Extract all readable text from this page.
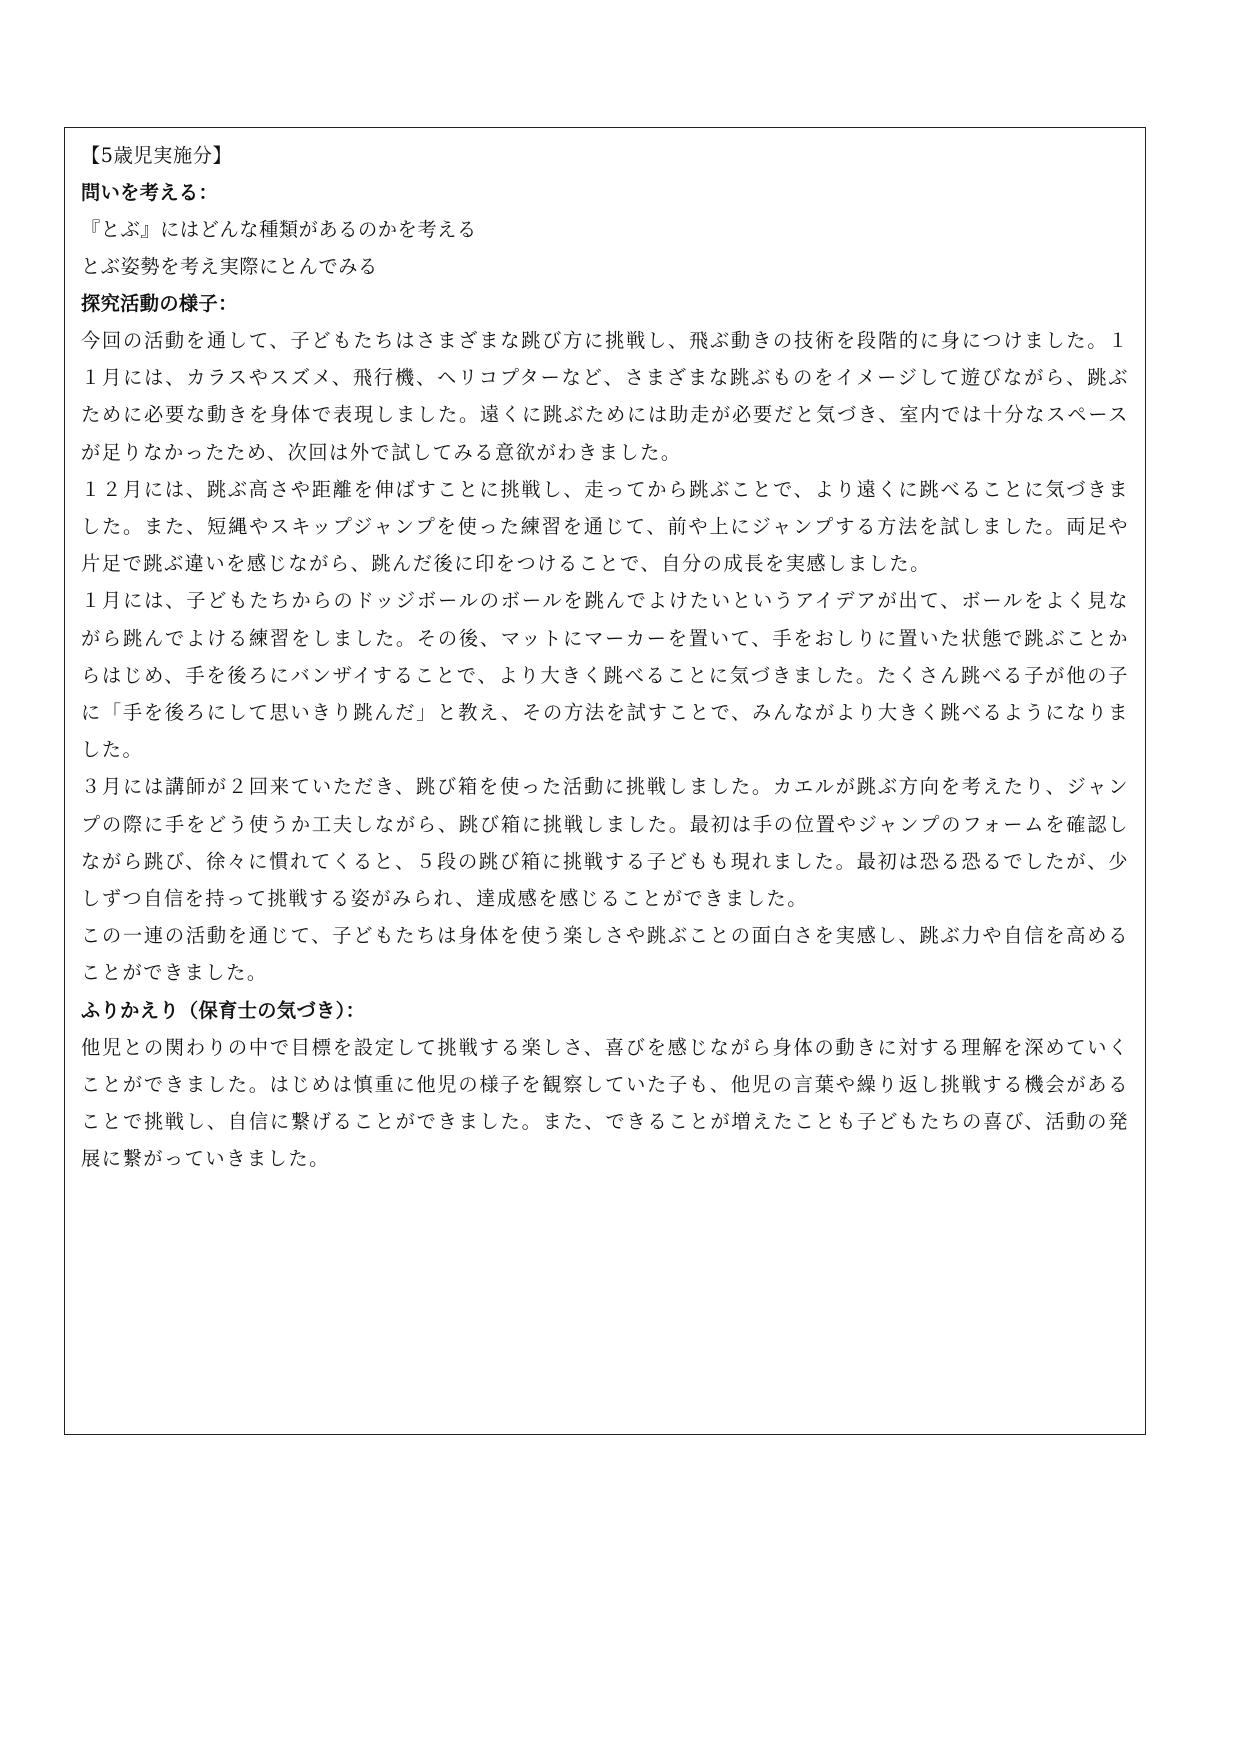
【5歳児実施分】

問いを考える：

『とぶ』にはどんな種類があるのかを考える

とぶ姿勢を考え実際にとんでみる

探究活動の様子：

今回の活動を通して、子どもたちはさまざまな跳び方に挑戦し、飛ぶ動きの技術を段階的に身につけました。１１月には、カラスやスズメ、飛行機、ヘリコプターなど、さまざまな跳ぶものをイメージして遊びながら、跳ぶために必要な動きを身体で表現しました。遠くに跳ぶためには助走が必要だと気づき、室内では十分なスペースが足りなかったため、次回は外で試してみる意欲がわきました。

１２月には、跳ぶ高さや距離を伸ばすことに挑戦し、走ってから跳ぶことで、より遠くに跳べることに気づきました。また、短縄やスキップジャンプを使った練習を通じて、前や上にジャンプする方法を試しました。両足や片足で跳ぶ違いを感じながら、跳んだ後に印をつけることで、自分の成長を実感しました。

１月には、子どもたちからのドッジボールのボールを跳んでよけたいというアイデアが出て、ボールをよく見ながら跳んでよける練習をしました。その後、マットにマーカーを置いて、手をおしりに置いた状態で跳ぶことからはじめ、手を後ろにバンザイすることで、より大きく跳べることに気づきました。たくさん跳べる子が他の子に「手を後ろにして思いきり跳んだ」と教え、その方法を試すことで、みんながより大きく跳べるようになりました。

３月には講師が２回来ていただき、跳び箱を使った活動に挑戦しました。カエルが跳ぶ方向を考えたり、ジャンプの際に手をどう使うか工夫しながら、跳び箱に挑戦しました。最初は手の位置やジャンプのフォームを確認しながら跳び、徐々に慣れてくると、５段の跳び箱に挑戦する子どもも現れました。最初は恐る恐るでしたが、少しずつ自信を持って挑戦する姿がみられ、達成感を感じることができました。

この一連の活動を通じて、子どもたちは身体を使う楽しさや跳ぶことの面白さを実感し、跳ぶ力や自信を高めることができました。

ふりかえり（保育士の気づき）：

他児との関わりの中で目標を設定して挑戦する楽しさ、喜びを感じながら身体の動きに対する理解を深めていくことができました。はじめは慎重に他児の様子を観察していた子も、他児の言葉や繰り返し挑戦する機会があることで挑戦し、自信に繋げることができました。また、できることが増えたことも子どもたちの喜び、活動の発展に繋がっていきました。
